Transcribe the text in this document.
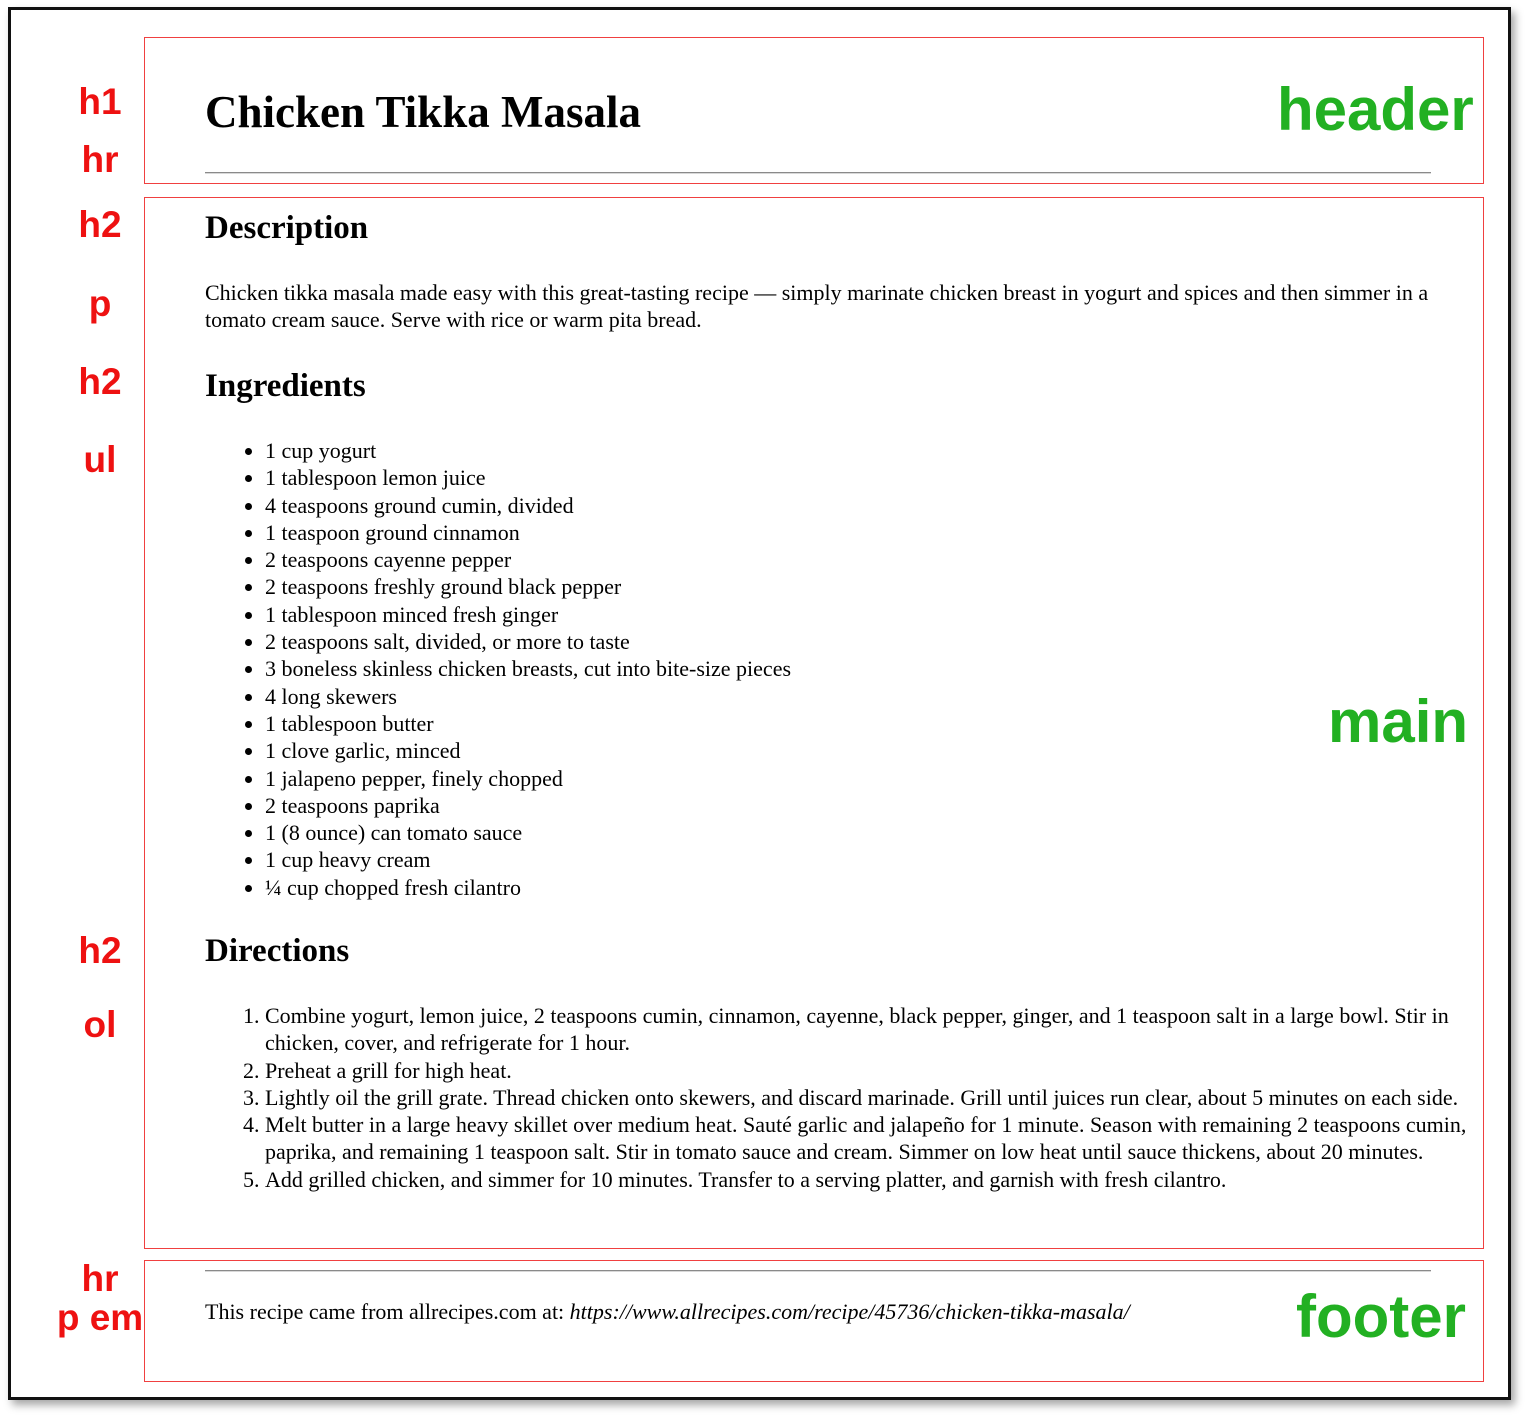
header
main
footer
h1
hr
h2
p
h2
ul
h2
ol
hr
p em
Chicken Tikka Masala
Description

Chicken tikka masala made easy with this great-tasting recipe — simply marinate chicken breast in yogurt and spices and then simmer in a tomato cream sauce. Serve with rice or warm pita bread.

Ingredients
• 1 cup yogurt
• 1 tablespoon lemon juice
• 4 teaspoons ground cumin, divided
• 1 teaspoon ground cinnamon
• 2 teaspoons cayenne pepper
• 2 teaspoons freshly ground black pepper
• 1 tablespoon minced fresh ginger
• 2 teaspoons salt, divided, or more to taste
• 3 boneless skinless chicken breasts, cut into bite-size pieces
• 4 long skewers
• 1 tablespoon butter
• 1 clove garlic, minced
• 1 jalapeno pepper, finely chopped
• 2 teaspoons paprika
• 1 (8 ounce) can tomato sauce
• 1 cup heavy cream
• ¼ cup chopped fresh cilantro
Directions
1. Combine yogurt, lemon juice, 2 teaspoons cumin, cinnamon, cayenne, black pepper, ginger, and 1 teaspoon salt in a large bowl. Stir in chicken, cover, and refrigerate for 1 hour.
2. Preheat a grill for high heat.
3. Lightly oil the grill grate. Thread chicken onto skewers, and discard marinade. Grill until juices run clear, about 5 minutes on each side.
4. Melt butter in a large heavy skillet over medium heat. Sauté garlic and jalapeño for 1 minute. Season with remaining 2 teaspoons cumin, paprika, and remaining 1 teaspoon salt. Stir in tomato sauce and cream. Simmer on low heat until sauce thickens, about 20 minutes.
5. Add grilled chicken, and simmer for 10 minutes. Transfer to a serving platter, and garnish with fresh cilantro.

This recipe came from allrecipes.com at: https://www.allrecipes.com/recipe/45736/chicken-tikka-masala/
